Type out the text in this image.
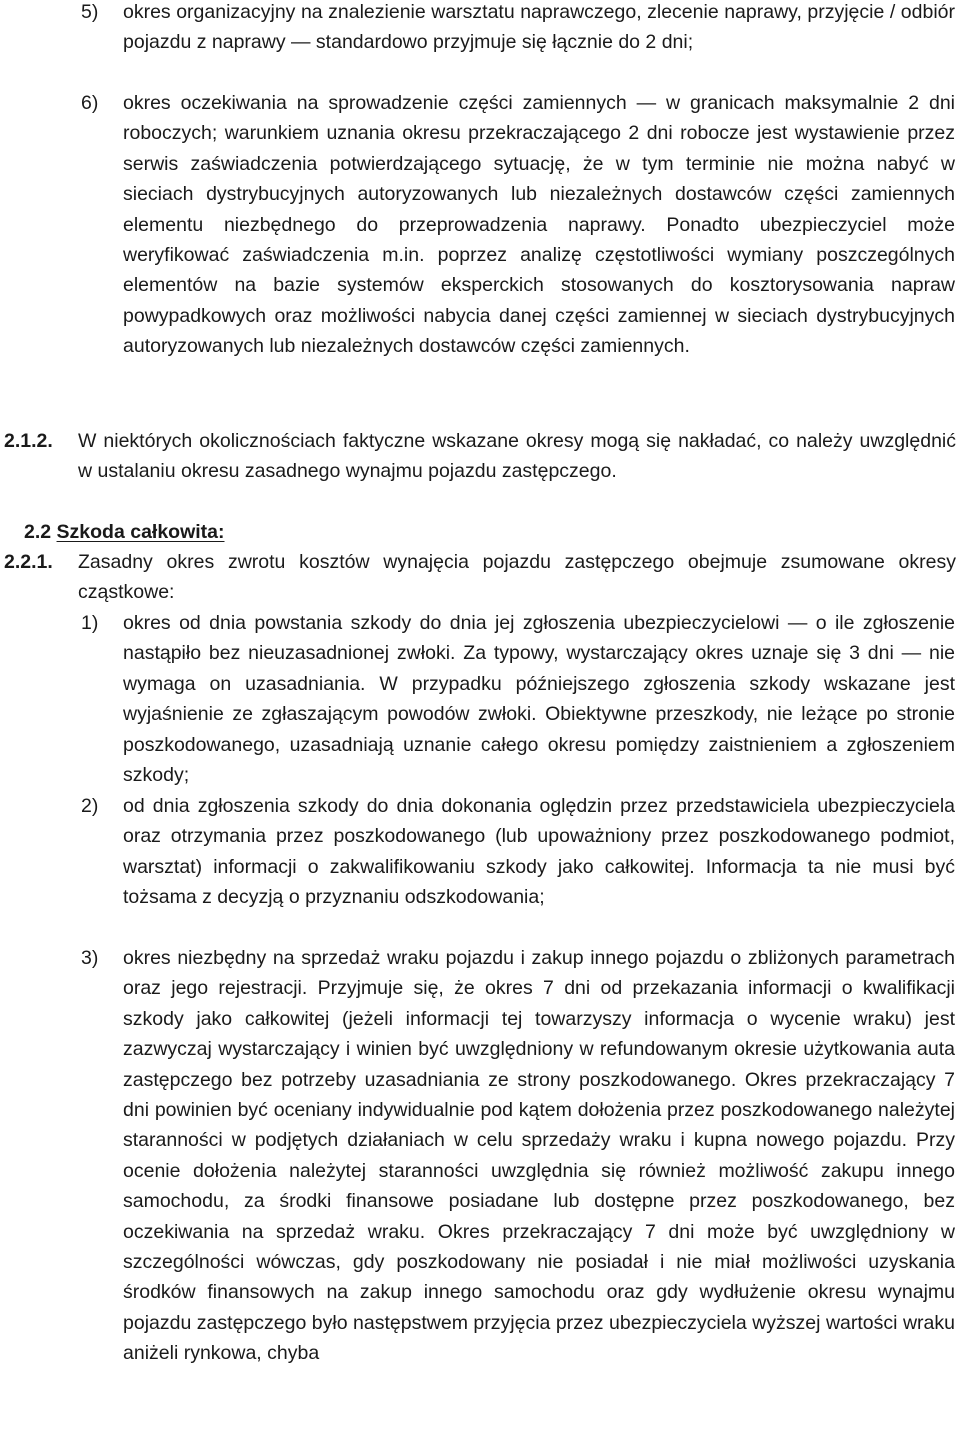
5) okres organizacyjny na znalezienie warsztatu naprawczego, zlecenie naprawy, przyjęcie / odbiór pojazdu z naprawy — standardowo przyjmuje się łącznie do 2 dni;

6) okres oczekiwania na sprowadzenie części zamiennych — w granicach maksymalnie 2 dni roboczych; warunkiem uznania okresu przekraczającego 2 dni robocze jest wystawienie przez serwis zaświadczenia potwierdzającego sytuację, że w tym terminie nie można nabyć w sieciach dystrybucyjnych autoryzowanych lub niezależnych dostawców części zamiennych elementu niezbędnego do przeprowadzenia naprawy. Ponadto ubezpieczyciel może weryfikować zaświadczenia m.in. poprzez analizę częstotliwości wymiany poszczególnych elementów na bazie systemów eksperckich stosowanych do kosztorysowania napraw powypadkowych oraz możliwości nabycia danej części zamiennej w sieciach dystrybucyjnych autoryzowanych lub niezależnych dostawców części zamiennych.

2.1.2. W niektórych okolicznościach faktyczne wskazane okresy mogą się nakładać, co należy uwzględnić w ustalaniu okresu zasadnego wynajmu pojazdu zastępczego.

2.2 Szkoda całkowita:
2.2.1. Zasadny okres zwrotu kosztów wynajęcia pojazdu zastępczego obejmuje zsumowane okresy cząstkowe:

1) okres od dnia powstania szkody do dnia jej zgłoszenia ubezpieczycielowi — o ile zgłoszenie nastąpiło bez nieuzasadnionej zwłoki. Za typowy, wystarczający okres uznaje się 3 dni — nie wymaga on uzasadniania. W przypadku późniejszego zgłoszenia szkody wskazane jest wyjaśnienie ze zgłaszającym powodów zwłoki. Obiektywne przeszkody, nie leżące po stronie poszkodowanego, uzasadniają uznanie całego okresu pomiędzy zaistnieniem a zgłoszeniem szkody;

2) od dnia zgłoszenia szkody do dnia dokonania oględzin przez przedstawiciela ubezpieczyciela oraz otrzymania przez poszkodowanego (lub upoważniony przez poszkodowanego podmiot, warsztat) informacji o zakwalifikowaniu szkody jako całkowitej. Informacja ta nie musi być tożsama z decyzją o przyznaniu odszkodowania;

3) okres niezbędny na sprzedaż wraku pojazdu i zakup innego pojazdu o zbliżonych parametrach oraz jego rejestracji. Przyjmuje się, że okres 7 dni od przekazania informacji o kwalifikacji szkody jako całkowitej (jeżeli informacji tej towarzyszy informacja o wycenie wraku) jest zazwyczaj wystarczający i winien być uwzględniony w refundowanym okresie użytkowania auta zastępczego bez potrzeby uzasadniania ze strony poszkodowanego. Okres przekraczający 7 dni powinien być oceniany indywidualnie pod kątem dołożenia przez poszkodowanego należytej staranności w podjętych działaniach w celu sprzedaży wraku i kupna nowego pojazdu. Przy ocenie dołożenia należytej staranności uwzględnia się również możliwość zakupu innego samochodu, za środki finansowe posiadane lub dostępne przez poszkodowanego, bez oczekiwania na sprzedaż wraku. Okres przekraczający 7 dni może być uwzględniony w szczególności wówczas, gdy poszkodowany nie posiadał i nie miał możliwości uzyskania środków finansowych na zakup innego samochodu oraz gdy wydłużenie okresu wynajmu pojazdu zastępczego było następstwem przyjęcia przez ubezpieczyciela wyższej wartości wraku aniżeli rynkowa, chyba
